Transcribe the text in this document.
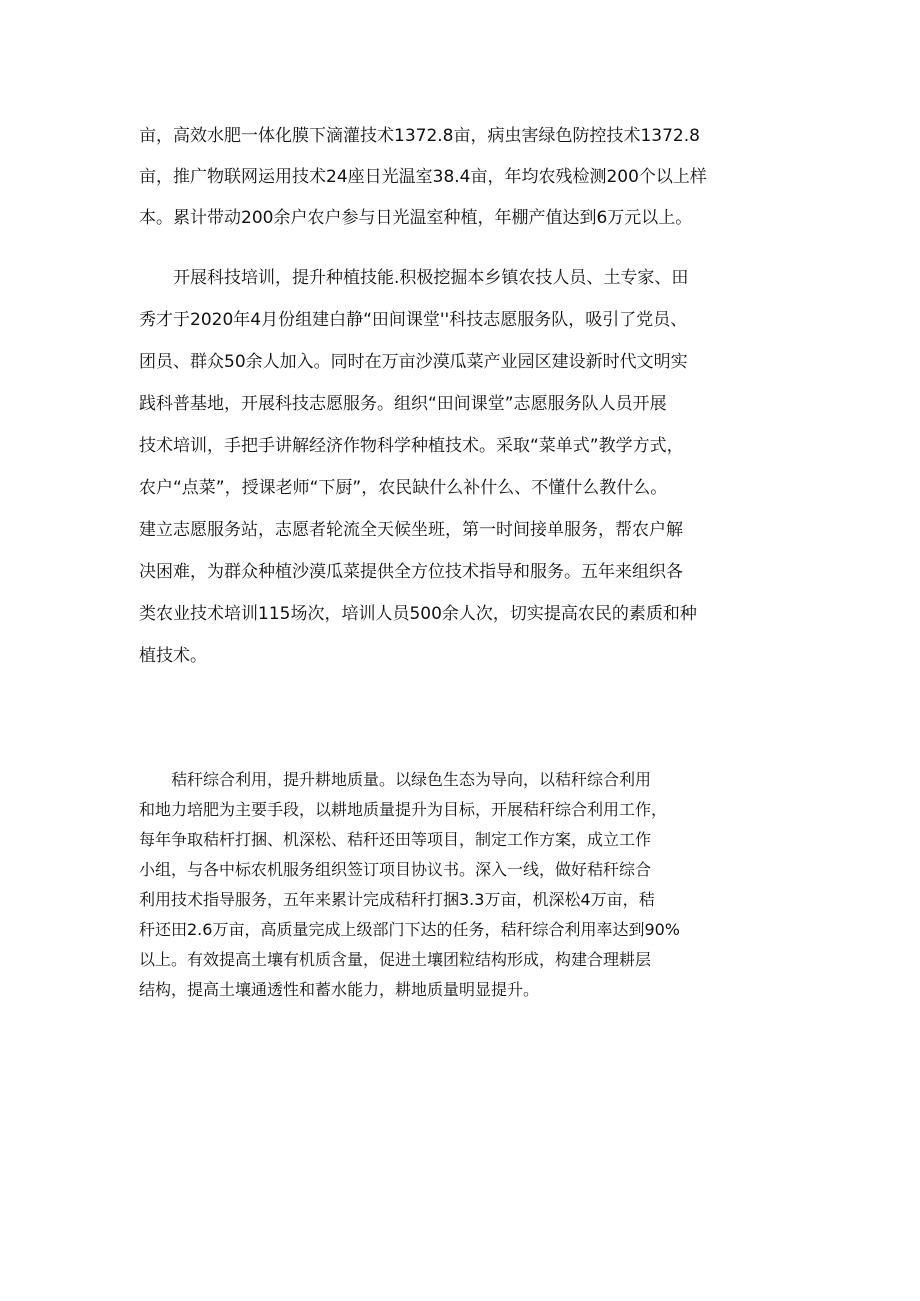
亩，高效水肥一体化膜下滴灌技术1372.8亩，病虫害绿色防控技术1372.8
亩，推广物联网运用技术24座日光温室38.4亩，年均农残检测200个以上样
本。累计带动200余户农户参与日光温室种植，年棚产值达到6万元以上。
　　开展科技培训，提升种植技能.积极挖掘本乡镇农技人员、土专家、田
秀才于2020年4月份组建白静“田间课堂''科技志愿服务队，吸引了党员、
团员、群众50余人加入。同时在万亩沙漠瓜菜产业园区建设新时代文明实
践科普基地，开展科技志愿服务。组织“田间课堂”志愿服务队人员开展
技术培训，手把手讲解经济作物科学种植技术。采取“菜单式”教学方式，
农户“点菜”，授课老师“下厨”，农民缺什么补什么、不懂什么教什么。
建立志愿服务站，志愿者轮流全天候坐班，第一时间接单服务，帮农户解
决困难，为群众种植沙漠瓜菜提供全方位技术指导和服务。五年来组织各
类农业技术培训115场次，培训人员500余人次，切实提高农民的素质和种
植技术。
　　秸秆综合利用，提升耕地质量。以绿色生态为导向，以秸秆综合利用
和地力培肥为主要手段，以耕地质量提升为目标，开展秸秆综合利用工作，
每年争取秸杆打捆、机深松、秸秆还田等项目，制定工作方案，成立工作
小组，与各中标农机服务组织签订项目协议书。深入一线，做好秸秆综合
利用技术指导服务，五年来累计完成秸秆打捆3.3万亩，机深松4万亩，秸
秆还田2.6万亩，高质量完成上级部门下达的任务，秸秆综合利用率达到90%
以上。有效提高土壤有机质含量，促进土壤团粒结构形成，构建合理耕层
结构，提高土壤通透性和蓄水能力，耕地质量明显提升。
